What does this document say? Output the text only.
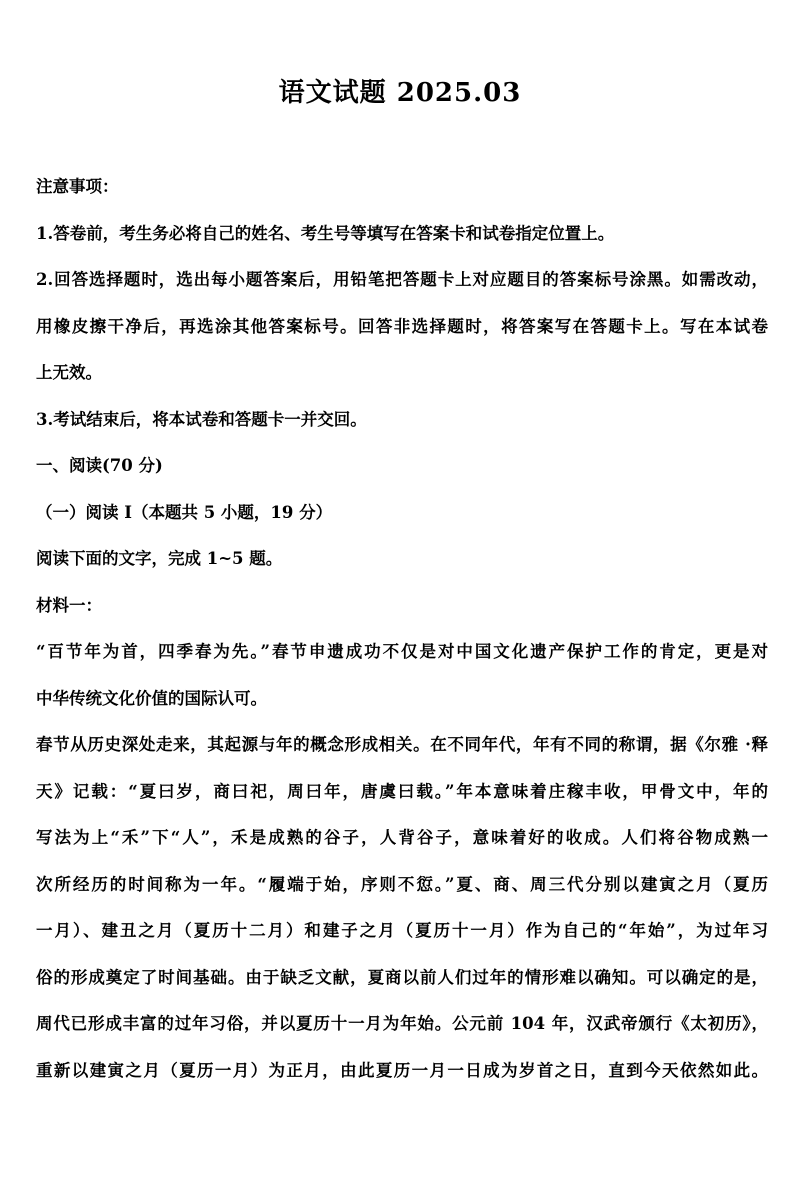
语文试题 2025.03
注意事项：
1.答卷前，考生务必将自己的姓名、考生号等填写在答案卡和试卷指定位置上。
2.回答选择题时，选出每小题答案后，用铅笔把答题卡上对应题目的答案标号涂黑。如需改动，
用橡皮擦干净后，再选涂其他答案标号。回答非选择题时，将答案写在答题卡上。写在本试卷
上无效。
3.考试结束后，将本试卷和答题卡一并交回。
一、阅读(70 分)
（一）阅读 I（本题共 5 小题，19 分）
阅读下面的文字，完成 1~5 题。
材料一：
“百节年为首，四季春为先。”春节申遗成功不仅是对中国文化遗产保护工作的肯定，更是对
中华传统文化价值的国际认可。
春节从历史深处走来，其起源与年的概念形成相关。在不同年代，年有不同的称谓，据《尔雅 ·释
天》记载：“夏曰岁，商曰祀，周曰年，唐虞曰载。”年本意味着庄稼丰收，甲骨文中，年的
写法为上“禾”下“人”，禾是成熟的谷子，人背谷子，意味着好的收成。人们将谷物成熟一
次所经历的时间称为一年。“履端于始，序则不愆。”夏、商、周三代分别以建寅之月（夏历
一月）、建丑之月（夏历十二月）和建子之月（夏历十一月）作为自己的“年始”，为过年习
俗的形成奠定了时间基础。由于缺乏文献，夏商以前人们过年的情形难以确知。可以确定的是，
周代已形成丰富的过年习俗，并以夏历十一月为年始。公元前 104 年，汉武帝颁行《太初历》，
重新以建寅之月（夏历一月）为正月，由此夏历一月一日成为岁首之日，直到今天依然如此。
